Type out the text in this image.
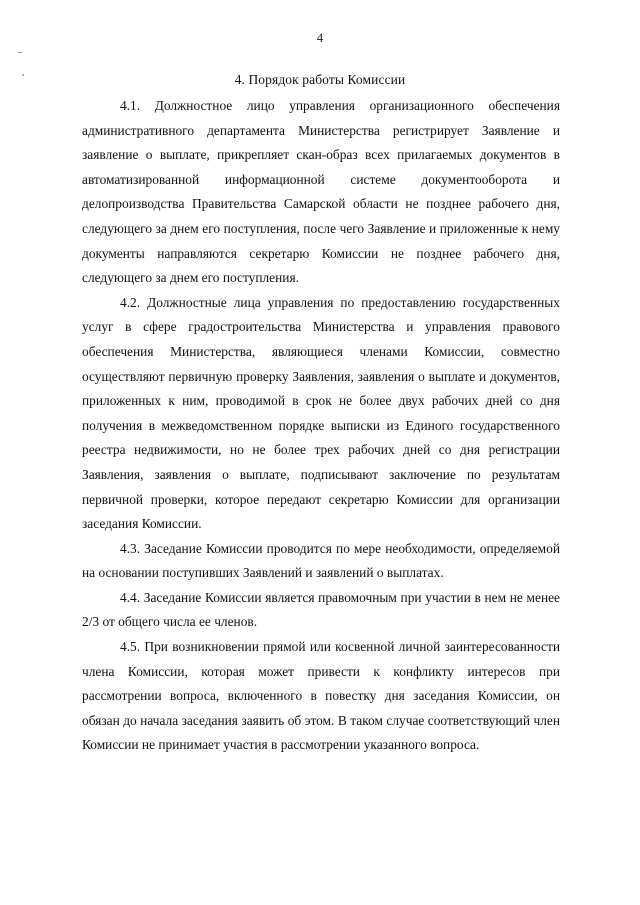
4
4. Порядок работы Комиссии

4.1. Должностное лицо управления организационного обеспечения административного департамента Министерства регистрирует Заявление и заявление о выплате, прикрепляет скан-образ всех прилагаемых документов в автоматизированной информационной системе документооборота и делопроизводства Правительства Самарской области не позднее рабочего дня, следующего за днем его поступления, после чего Заявление и приложенные к нему документы направляются секретарю Комиссии не позднее рабочего дня, следующего за днем его поступления.

4.2. Должностные лица управления по предоставлению государственных услуг в сфере градостроительства Министерства и управления правового обеспечения Министерства, являющиеся членами Комиссии, совместно осуществляют первичную проверку Заявления, заявления о выплате и документов, приложенных к ним, проводимой в срок не более двух рабочих дней со дня получения в межведомственном порядке выписки из Единого государственного реестра недвижимости, но не более трех рабочих дней со дня регистрации Заявления, заявления о выплате, подписывают заключение по результатам первичной проверки, которое передают секретарю Комиссии для организации заседания Комиссии.

4.3. Заседание Комиссии проводится по мере необходимости, определяемой на основании поступивших Заявлений и заявлений о выплатах.

4.4. Заседание Комиссии является правомочным при участии в нем не менее 2/3 от общего числа ее членов.

4.5. При возникновении прямой или косвенной личной заинтересованности члена Комиссии, которая может привести к конфликту интересов при рассмотрении вопроса, включенного в повестку дня заседания Комиссии, он обязан до начала заседания заявить об этом. В таком случае соответствующий член Комиссии не принимает участия в рассмотрении указанного вопроса.
